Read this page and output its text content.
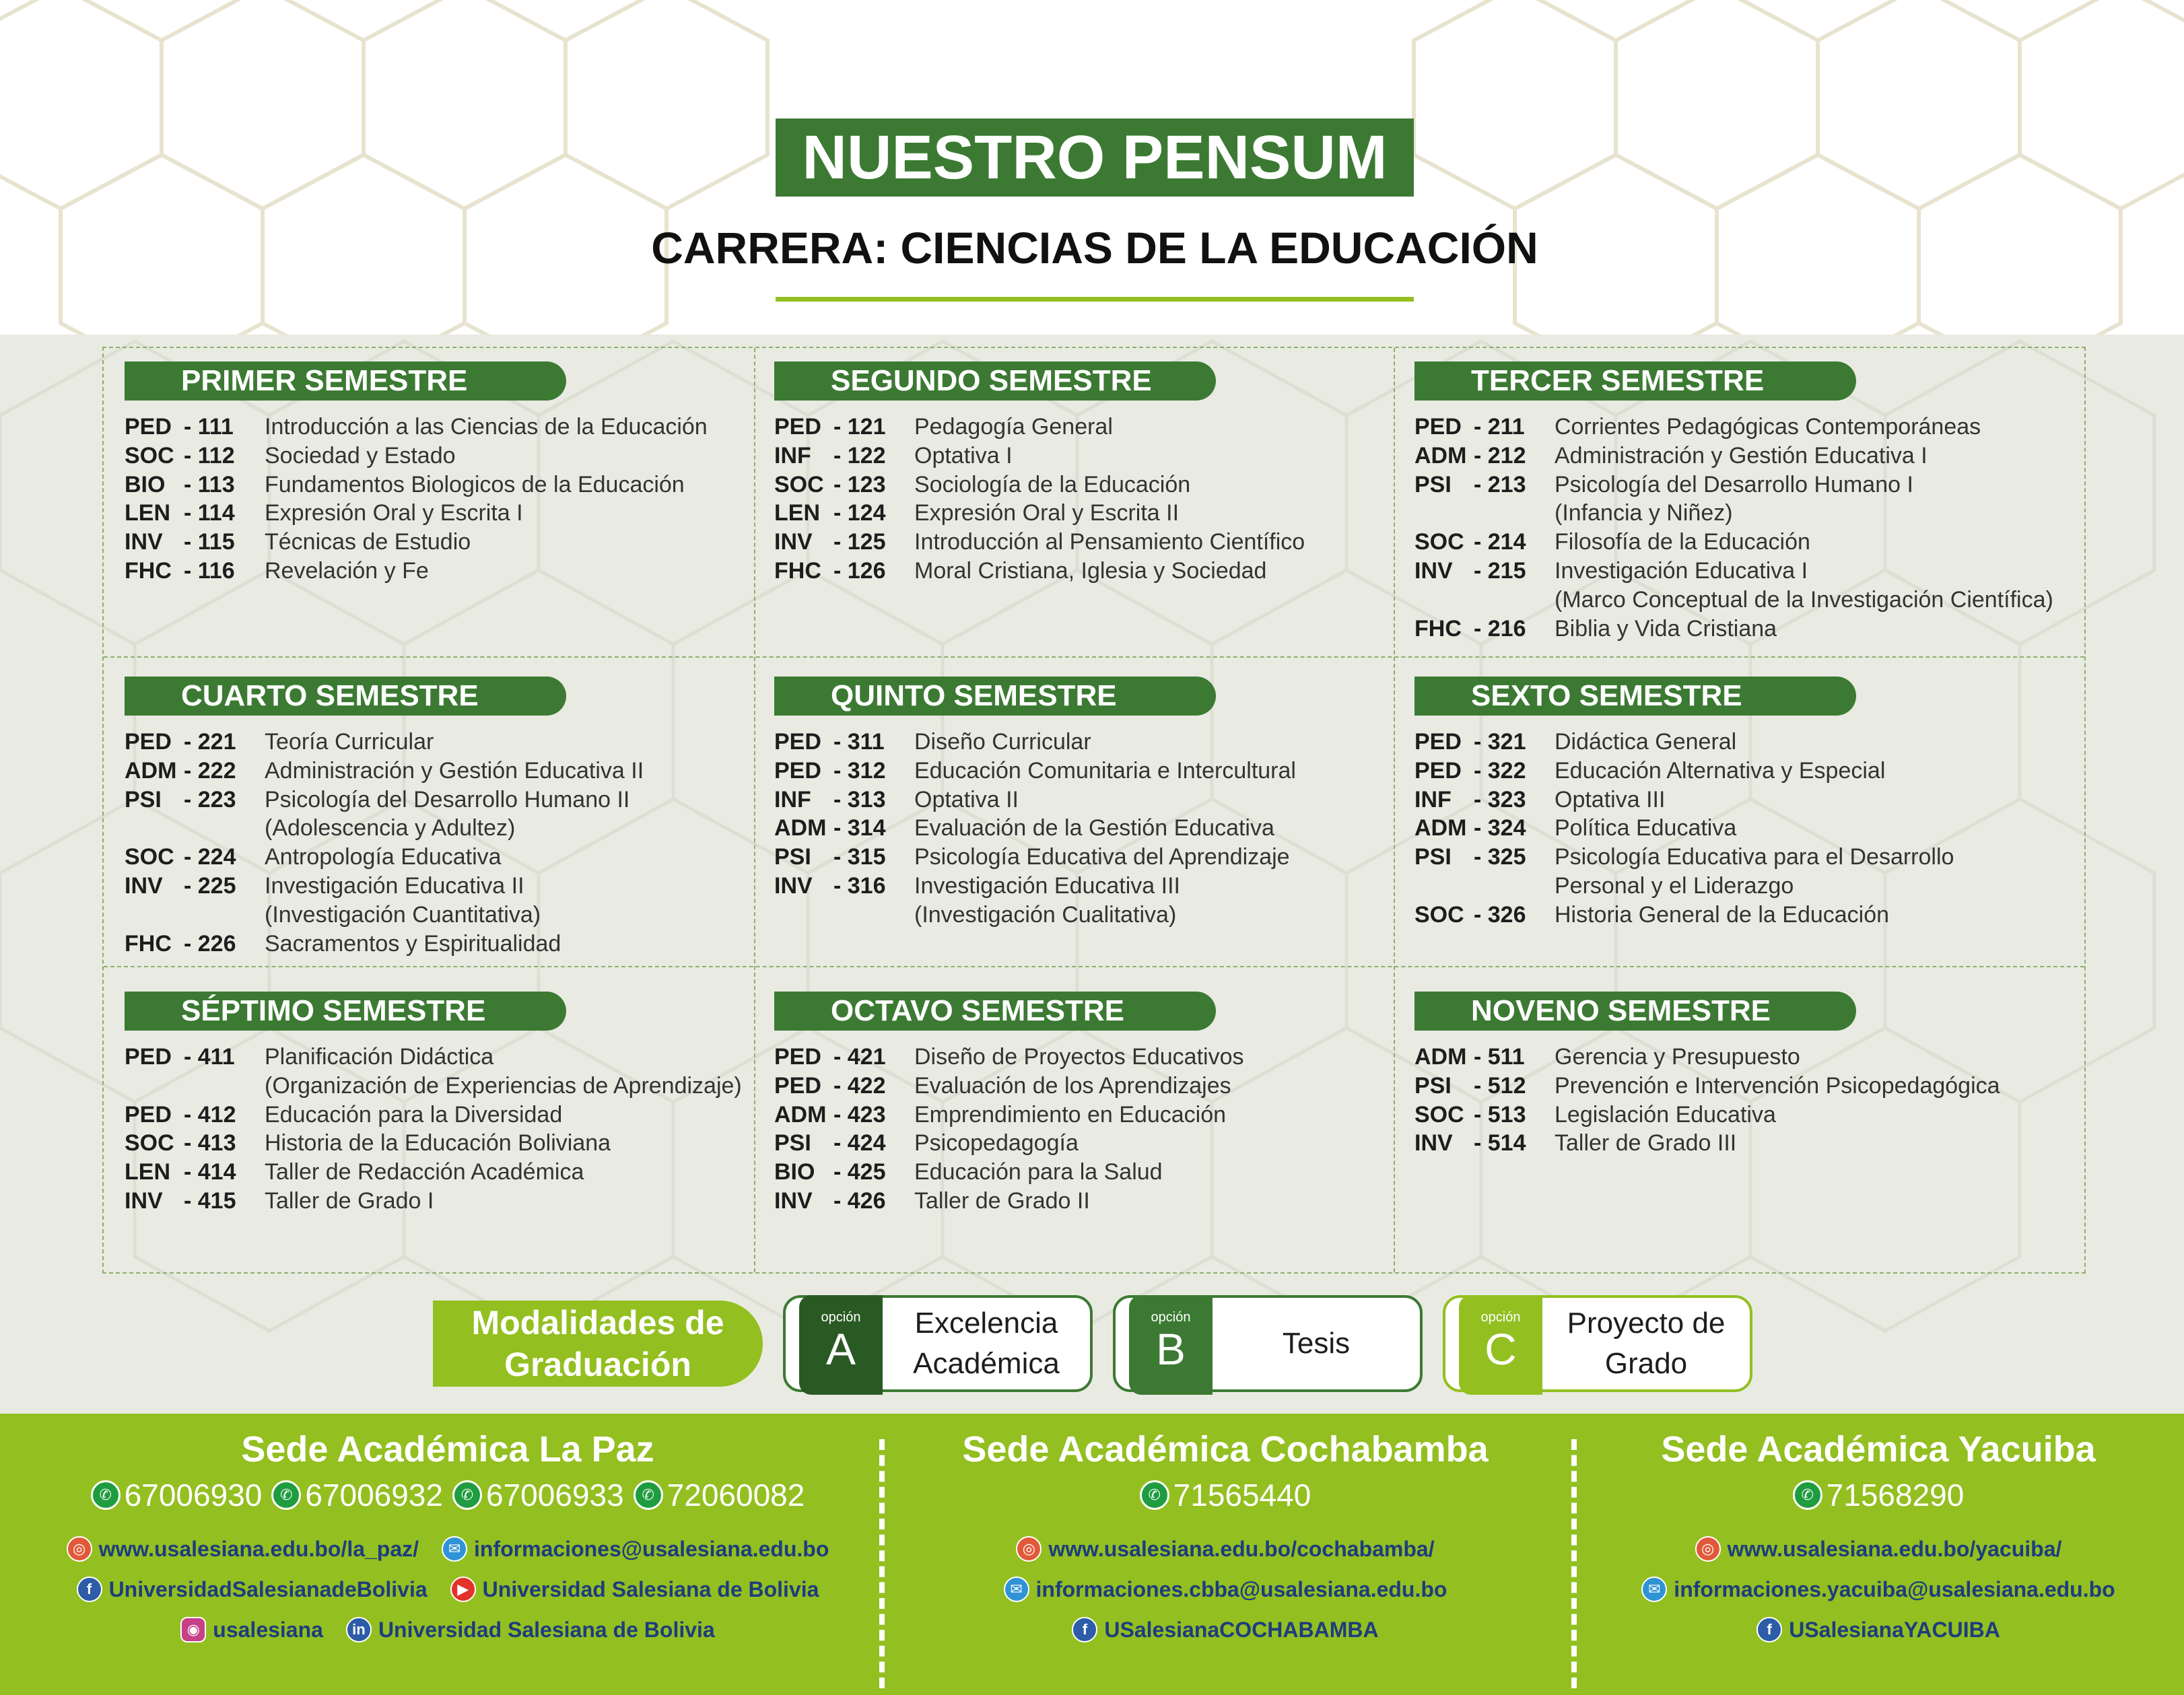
NUESTRO PENSUM
CARRERA: CIENCIAS DE LA EDUCACIÓN
PRIMER SEMESTRE
PED - 111 Introducción a las Ciencias de la Educación
SOC - 112 Sociedad y Estado
BIO - 113 Fundamentos Biologicos de la Educación
LEN - 114 Expresión Oral y Escrita I
INV - 115 Técnicas de Estudio
FHC - 116 Revelación y Fe
SEGUNDO SEMESTRE
PED - 121 Pedagogía General
INF - 122 Optativa I
SOC - 123 Sociología de la Educación
LEN - 124 Expresión Oral y Escrita II
INV - 125 Introducción al Pensamiento Científico
FHC - 126 Moral Cristiana, Iglesia y Sociedad
TERCER SEMESTRE
PED - 211 Corrientes Pedagógicas Contemporáneas
ADM - 212 Administración y Gestión Educativa I
PSI - 213 Psicología del Desarrollo Humano I
(Infancia y Niñez)
SOC - 214 Filosofía de la Educación
INV - 215 Investigación Educativa I
(Marco Conceptual de la Investigación Científica)
FHC - 216 Biblia y Vida Cristiana
CUARTO SEMESTRE
PED - 221 Teoría Curricular
ADM - 222 Administración y Gestión Educativa II
PSI - 223 Psicología del Desarrollo Humano II
(Adolescencia y Adultez)
SOC - 224 Antropología Educativa
INV - 225 Investigación Educativa II
(Investigación Cuantitativa)
FHC - 226 Sacramentos y Espiritualidad
QUINTO SEMESTRE
PED - 311 Diseño Curricular
PED - 312 Educación Comunitaria e Intercultural
INF - 313 Optativa II
ADM - 314 Evaluación de la Gestión Educativa
PSI - 315 Psicología Educativa del Aprendizaje
INV - 316 Investigación Educativa III
(Investigación Cualitativa)
SEXTO SEMESTRE
PED - 321 Didáctica General
PED - 322 Educación Alternativa y Especial
INF - 323 Optativa III
ADM - 324 Política Educativa
PSI - 325 Psicología Educativa para el Desarrollo
Personal y el Liderazgo
SOC - 326 Historia General de la Educación
SÉPTIMO SEMESTRE
PED - 411 Planificación Didáctica
(Organización de Experiencias de Aprendizaje)
PED - 412 Educación para la Diversidad
SOC - 413 Historia de la Educación Boliviana
LEN - 414 Taller de Redacción Académica
INV - 415 Taller de Grado I
OCTAVO SEMESTRE
PED - 421 Diseño de Proyectos Educativos
PED - 422 Evaluación de los Aprendizajes
ADM - 423 Emprendimiento en Educación
PSI - 424 Psicopedagogía
BIO - 425 Educación para la Salud
INV - 426 Taller de Grado II
NOVENO SEMESTRE
ADM - 511 Gerencia y Presupuesto
PSI - 512 Prevención e Intervención Psicopedagógica
SOC - 513 Legislación Educativa
INV - 514 Taller de Grado III
Modalidades de
Graduación
opción
A
Excelencia
Académica
opción
B	Tesis
opción
C
Proyecto de
Grado
Sede Académica La Paz
✆ 67006930	✆ 67006932	✆ 67006933	✆ 72060082
◎ www.usalesiana.edu.bo/la_paz/	✉ informaciones@usalesiana.edu.bo
f UniversidadSalesianadeBolivia	▶ Universidad Salesiana de Bolivia
◉ usalesiana	in Universidad Salesiana de Bolivia
Sede Académica Cochabamba
✆ 71565440
◎ www.usalesiana.edu.bo/cochabamba/
✉ informaciones.cbba@usalesiana.edu.bo
f USalesianaCOCHABAMBA
Sede Académica Yacuiba
✆ 71568290
◎ www.usalesiana.edu.bo/yacuiba/
✉ informaciones.yacuiba@usalesiana.edu.bo
f USalesianaYACUIBA
